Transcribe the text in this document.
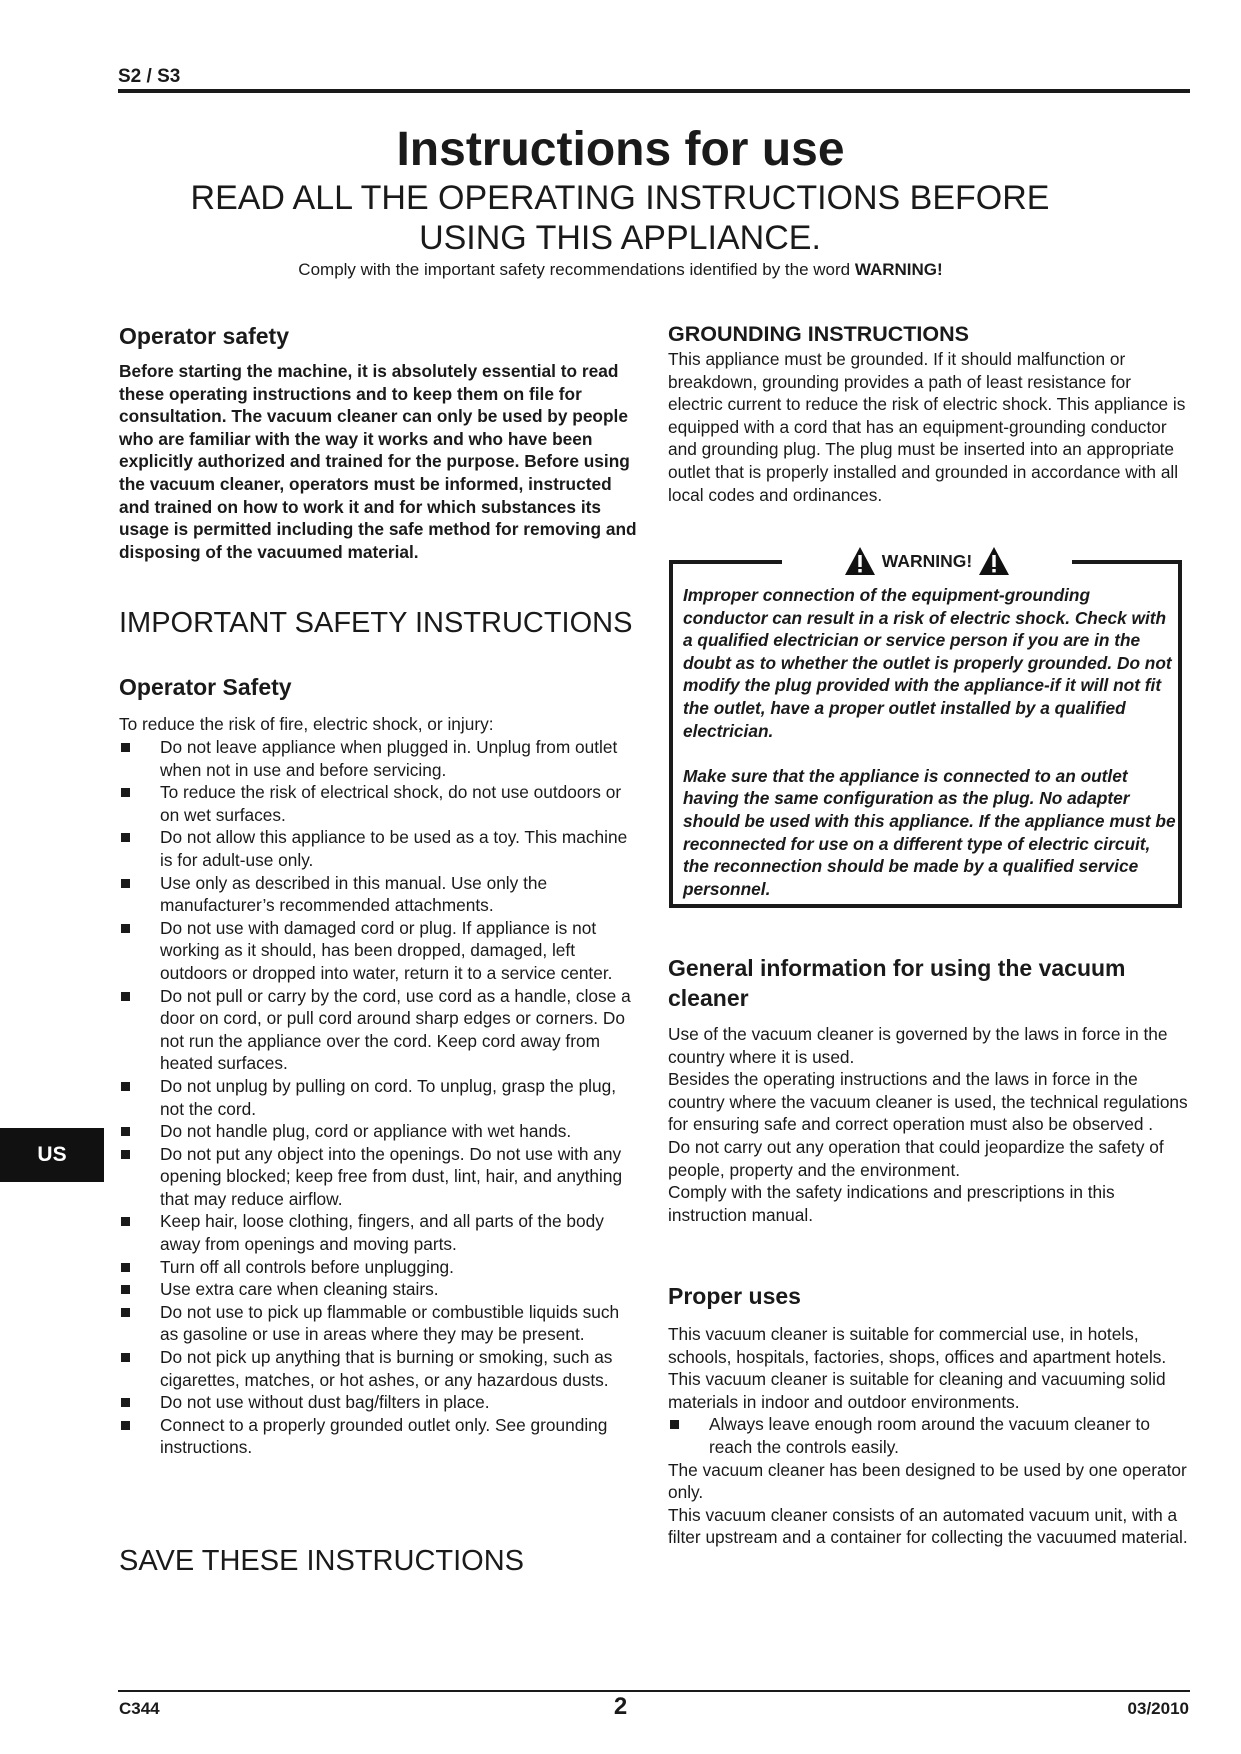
S2 / S3
Instructions for use
READ ALL THE OPERATING INSTRUCTIONS BEFORE USING THIS APPLIANCE.
Comply with the important safety recommendations identified by the word WARNING!
Operator safety
Before starting the machine, it is absolutely essential to read these operating instructions and to keep them on file for consultation. The vacuum cleaner can only be used by people who are familiar with the way it works and who have been explicitly authorized and trained for the purpose. Before using the vacuum cleaner, operators must be informed, instructed and trained on how to work it and for which substances its usage is permitted including the safe method for removing and disposing of the vacuumed material.
IMPORTANT SAFETY INSTRUCTIONS
Operator Safety
To reduce the risk of fire, electric shock, or injury:
Do not leave appliance when plugged in. Unplug from outlet when not in use and before servicing.
To reduce the risk of electrical shock, do not use outdoors or on wet surfaces.
Do not allow this appliance to be used as a toy. This machine is for adult-use only.
Use only as described in this manual. Use only the manufacturer’s recommended attachments.
Do not use with damaged cord or plug. If appliance is not working as it should, has been dropped, damaged, left outdoors or dropped into water, return it to a service center.
Do not pull or carry by the cord, use cord as a handle, close a door on cord, or pull cord around sharp edges or corners. Do not run the appliance over the cord. Keep cord away from heated surfaces.
Do not unplug by pulling on cord. To unplug, grasp the plug, not the cord.
Do not handle plug, cord or appliance with wet hands.
Do not put any object into the openings. Do not use with any opening blocked; keep free from dust, lint, hair, and anything that may reduce airflow.
Keep hair, loose clothing, fingers, and all parts of the body away from openings and moving parts.
Turn off all controls before unplugging.
Use extra care when cleaning stairs.
Do not use to pick up flammable or combustible liquids such as gasoline or use in areas where they may be present.
Do not pick up anything that is burning or smoking, such as cigarettes, matches, or hot ashes, or any hazardous dusts.
Do not use without dust bag/filters in place.
Connect to a properly grounded outlet only. See grounding instructions.
SAVE THESE INSTRUCTIONS
GROUNDING INSTRUCTIONS
This appliance must be grounded. If it should malfunction or breakdown, grounding provides a path of least resistance for electric current to reduce the risk of electric shock. This appliance is equipped with a cord that has an equipment-grounding conductor and grounding plug. The plug must be inserted into an appropriate outlet that is properly installed and grounded in accordance with all local codes and ordinances.
WARNING!

Improper connection of the equipment-grounding conductor can result in a risk of electric shock. Check with a qualified electrician or service person if you are in the doubt as to whether the outlet is properly grounded. Do not modify the plug provided with the appliance-if it will not fit the outlet, have a proper outlet installed by a qualified electrician.

Make sure that the appliance is connected to an outlet having the same configuration as the plug. No adapter should be used with this appliance. If the appliance must be reconnected for use on a different type of electric circuit, the reconnection should be made by a qualified service personnel.

General information for using the vacuum cleaner
Use of the vacuum cleaner is governed by the laws in force in the country where it is used.
Besides the operating instructions and the laws in force in the country where the vacuum cleaner is used, the technical regulations for ensuring safe and correct operation must also be observed .
Do not carry out any operation that could jeopardize the safety of people, property and the environment.
Comply with the safety indications and prescriptions in this instruction manual.
Proper uses
This vacuum cleaner is suitable for commercial use, in hotels, schools, hospitals, factories, shops, offices and apartment hotels.
This vacuum cleaner is suitable for cleaning and vacuuming solid materials in indoor and outdoor environments.
Always leave enough room around the vacuum cleaner to reach the controls easily.
The vacuum cleaner has been designed to be used by one operator only.
This vacuum cleaner consists of an automated vacuum unit, with a filter upstream and a container for collecting the vacuumed material.
US
C344	2	03/2010
